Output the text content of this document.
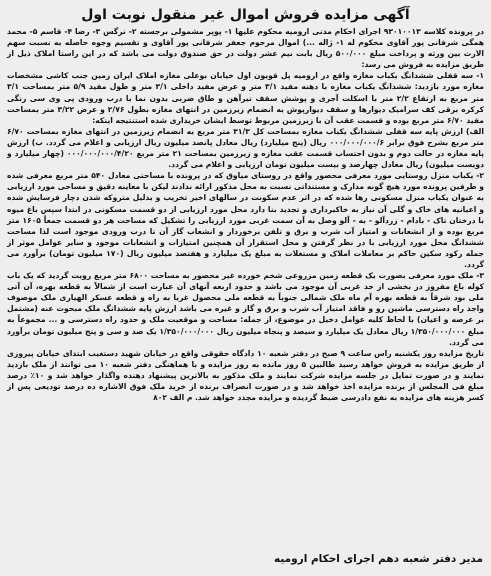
آگهی مزایده فروش اموال غیر منقول نوبت اول

در پرونده کلاسه ۹۳۰۱۰۰۱۳ اجرای احکام مدنی ارومیه محکوم علیها ۱- پوپر مشمولی برجسته ۲- نرگس ۳- رضا ۴- قاسم ۵- محمد همگی شرفانی پور آقاوی محکوم له ۱- ژاله ...) اموال مرحوم جعفر شرفانی پور آقاوی و تقسیم وجوه حاصله به نسبت سهم الارث بین ورثه و پرداخت مبلغ ۵۰۰/۰۰۰ ریال بابت نیم عشر دولت در حق صندوق دولت می باشد که در این راستا املاک ذیل از طریق مزایده به فروش می رسد:

۱- سه قفلی ششدانگ یکباب مغازه واقع در ارومیه پل قویون اول خیابان بوعلی مغازه املاک ایران زمین جنب کاشی مشخصات مغازه مورد بازدید: ششدانگ یکباب مغازه با دهنه مفید ۳/۱ متر و عرض مفید داخلی ۳/۱ متر و طول مفید ۵/۹ متر بمساحت ۳/۱ متر مربع به ارتفاع ۲/۲ متر با اسکلت آجری و پوشش سقف تیرآهن و طاق ضربی بدون نما با درب ورودی پی وی سی رنگی کرکره برقی کف سرامیک دیوارها و سقف دیوارپوش به انضمام زیرزمین در انتهای مغازه بطول ۲/۷۶ و عرض ۳/۲۲ متر بمساحت مفید ۶/۷۰ متر مربع بوده و قسمت عقب آن با زیرزمین مربوط توسط ایشان خریداری شده استنتیجه اینکه:

الف) ارزش پایه سه قفلی ششدانگ یکباب مغازه بمساحت کل ۳۱/۳ متر مربع به انضمام زیرزمین در انتهای مغازه بمساحت ۶/۷۰ متر مربع بشرح فوق برابر ۰۰۰/۰۰۰/۰۰۰/۶ ریال (پنج میلیارد) ریال معادل پانصد میلیون ریال ارزیابی و اعلام می گردد. ب) ارزش پایه مغازه در حالت دوم و بدون احتساب قسمت عقب مغازه و زیرزمین بمساحت ۲۱ متر مربع ۰۰۰/۰۰۰/۰۰۰/۴/۲۰ (چهار میلیارد و دویست میلیون) ریال معادل چهارصد و بیست میلیون تومان ارزیابی و اعلام می گردد.

۲- یکباب منزل روستایی مورد معرفی محصور واقع در روستای میاوق که در پرونده با مساحتی معادل ۵۴۰ متر مربع معرفی شده و طرفین پرونده مورد هیچ گونه مدارک و مستنداتی نسبت به محل مذکور ارائه ندادند لیکن با معاینه دقیق و مساحی مورد ارزیابی به عنوان یکباب منزل مسکونی رها شده که در اثر عدم سکونت در سالهای اخیر تخریب و بدلیل متروکه شدن دچار فرسایش شده و اعیانیه های خاک و گلی آن نیاز به خاکبرداری و تجدید بنا دارد محل مورد ارزیابی از دو قسمت مسکونی در ابتدا سپس باغ میوه با درختان تاک - بادام - زردآلو - به - آلو وصل به آن سمت غربی مورد ارزیابی را تشکیل که مساحت هر دو قسمت جمعاً ۱۶۰۵ متر مربع بوده و از انشعابات و امتیاز آب شرب و برق و تلفن برخوردار و انشعاب گاز آن تا درب ورودی موجود است لذا مساحت ششدانگ محل مورد ارزیابی با در نظر گرفتن و محل استقرار آن همچنین امتیازات و انشعابات موجود و سایر عوامل موثر از جمله رکود سکین حاکم بر معاملات املاک و مستغلات به مبلغ یک میلیارد و هفتصد میلیون ریال (۱۷۰ میلیون تومان) برآورد می گردد.

۳- ملک مورد معرفی بصورت یک قطعه زمین مزروعی شخم خورده غیر محصور به مساحت ۶۸۰۰ متر مربع رویت گردید که یک باب کوله باغ مفروز در بخشی از حد غربی آن موجود می باشد و حدود اربعه آنهای آن عبارت است از شمالاً به قطعه بهره، آن آتی ملی بود شرقاً به قطعه بهره آم ماه ملک شمالی جنوباً به قطعه ملی محصول غربا به راه و قطعه عسکر الهیاری ملک موصوف واجد راه دسترسی ماشین رو و فاقد امتیاز آب شرب و برق و گاز و غیره می باشد ارزش پایه ششدانگ ملک مبحوث عنه (مشتمل بر عرصه و اعیان) با لحاظ کلیه عوامل دخیل در موضوع، از جمله: مساحت و موقعیت ملک و حدود راه دسترسی و ... مجموعاً به مبلغ ۱/۳۵۰/۰۰۰/۰۰۰ ریال معادل یک میلیارد و سیصد و پنجاه میلیون ریال ۱/۳۵۰/۰۰۰/۰۰۰ یک صد و سی و پنج میلیون تومان برآورد می گردد.

تاریخ مزایده روز یکشنبه راس ساعت ۹ صبح در دفتر شعبه ۱۰ دادگاه حقوقی واقع در خیابان شهید دستغیب ابتدای خیابان پیروزی از طریق مزایده به فروش خواهد رسید طالبین ۵ روز مانده به روز مزایده و با هماهنگی دفتر شعبه ۱۰ می توانند از ملک بازدید نمایند و در صورت تمایل در جلسه مزایده شرکت نمایند و ملک مذکور به بالاترین پیشنهاد دهنده واگذار خواهد شد و ۱۰٪ درصد مبلغ فی المجلس از برنده مزایده اخذ خواهد شد و در صورت انصراف برنده از خرید ملک فوق الاشاره ده درصد تودیعی پس از کسر هزینه های مزایده به نفع دادرسی ضبط گردیده و مزایده مجدد خواهد شد. م الف ۸۰۲

مدیر دفتر شعبه دهم اجرای احکام ارومیه
